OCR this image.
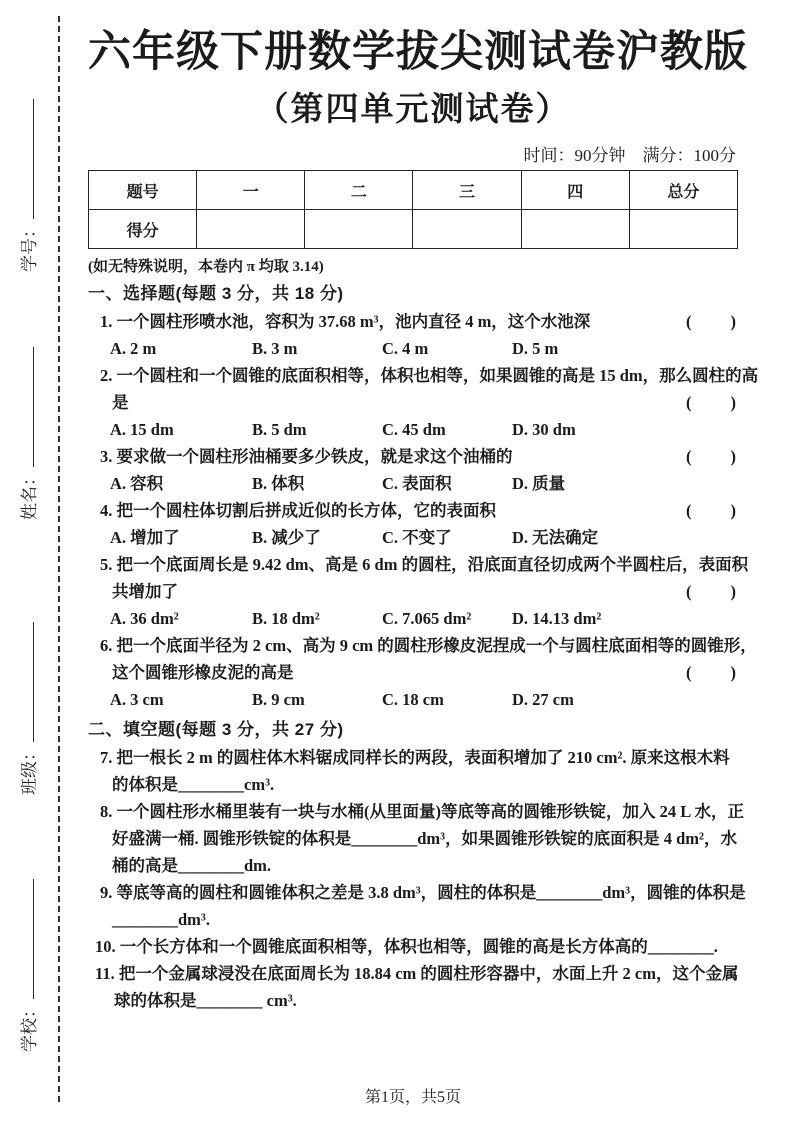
学号：
姓名：
班级：
学校：
六年级下册数学拔尖测试卷沪教版
（第四单元测试卷）
时间：90分钟　满分：100分
题号	一	二	三	四	总分
得分					
(如无特殊说明，本卷内 π 均取 3.14)
一、选择题(每题 3 分，共 18 分)
1. 一个圆柱形喷水池，容积为 37.68 m³，池内直径 4 m，这个水池深	(　　)
A. 2 m	B. 3 m	C. 4 m	D. 5 m
2. 一个圆柱和一个圆锥的底面积相等，体积也相等，如果圆锥的高是 15 dm，那么圆柱的高
是	(　　)
A. 15 dm	B. 5 dm	C. 45 dm	D. 30 dm
3. 要求做一个圆柱形油桶要多少铁皮，就是求这个油桶的	(　　)
A. 容积	B. 体积	C. 表面积	D. 质量
4. 把一个圆柱体切割后拼成近似的长方体，它的表面积	(　　)
A. 增加了	B. 减少了	C. 不变了	D. 无法确定
5. 把一个底面周长是 9.42 dm、高是 6 dm 的圆柱，沿底面直径切成两个半圆柱后，表面积
共增加了	(　　)
A. 36 dm²	B. 18 dm²	C. 7.065 dm²	D. 14.13 dm²
6. 把一个底面半径为 2 cm、高为 9 cm 的圆柱形橡皮泥捏成一个与圆柱底面相等的圆锥形，
这个圆锥形橡皮泥的高是	(　　)
A. 3 cm	B. 9 cm	C. 18 cm	D. 27 cm
二、填空题(每题 3 分，共 27 分)
7. 把一根长 2 m 的圆柱体木料锯成同样长的两段，表面积增加了 210 cm². 原来这根木料
的体积是________cm³.
8. 一个圆柱形水桶里装有一块与水桶(从里面量)等底等高的圆锥形铁锭，加入 24 L 水，正
好盛满一桶. 圆锥形铁锭的体积是________dm³，如果圆锥形铁锭的底面积是 4 dm²，水
桶的高是________dm.
9. 等底等高的圆柱和圆锥体积之差是 3.8 dm³，圆柱的体积是________dm³，圆锥的体积是
________dm³.
10. 一个长方体和一个圆锥底面积相等，体积也相等，圆锥的高是长方体高的________.
11. 把一个金属球浸没在底面周长为 18.84 cm 的圆柱形容器中，水面上升 2 cm，这个金属
球的体积是________ cm³.
第1页，共5页
